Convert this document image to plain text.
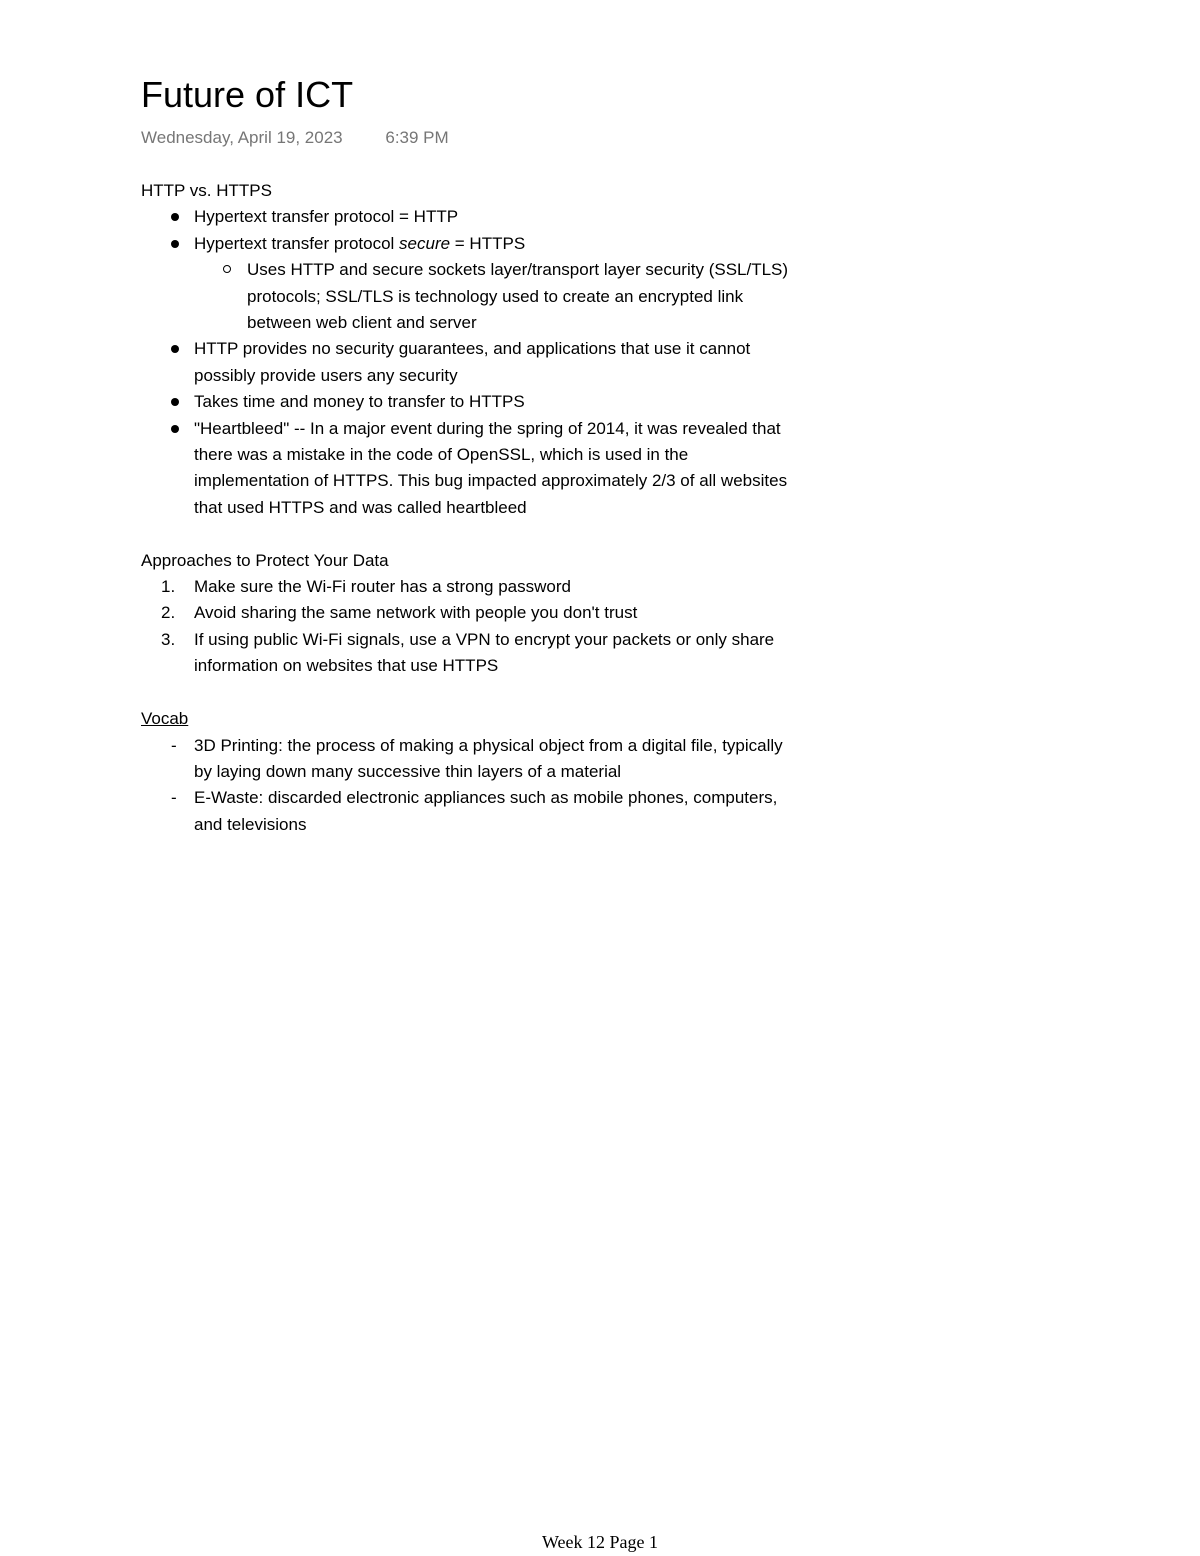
Future of ICT
Wednesday, April 19, 2023	6:39 PM
HTTP vs. HTTPS
Hypertext transfer protocol = HTTP
Hypertext transfer protocol secure = HTTPS
Uses HTTP and secure sockets layer/transport layer security (SSL/TLS) protocols; SSL/TLS is technology used to create an encrypted link between web client and server
HTTP provides no security guarantees, and applications that use it cannot possibly provide users any security
Takes time and money to transfer to HTTPS
"Heartbleed" -- In a major event during the spring of 2014, it was revealed that there was a mistake in the code of OpenSSL, which is used in the implementation of HTTPS. This bug impacted approximately 2/3 of all websites that used HTTPS and was called heartbleed
Approaches to Protect Your Data
1. Make sure the Wi-Fi router has a strong password
2. Avoid sharing the same network with people you don't trust
3. If using public Wi-Fi signals, use a VPN to encrypt your packets or only share information on websites that use HTTPS
Vocab
- 3D Printing: the process of making a physical object from a digital file, typically by laying down many successive thin layers of a material
- E-Waste: discarded electronic appliances such as mobile phones, computers, and televisions
Week 12 Page 1
